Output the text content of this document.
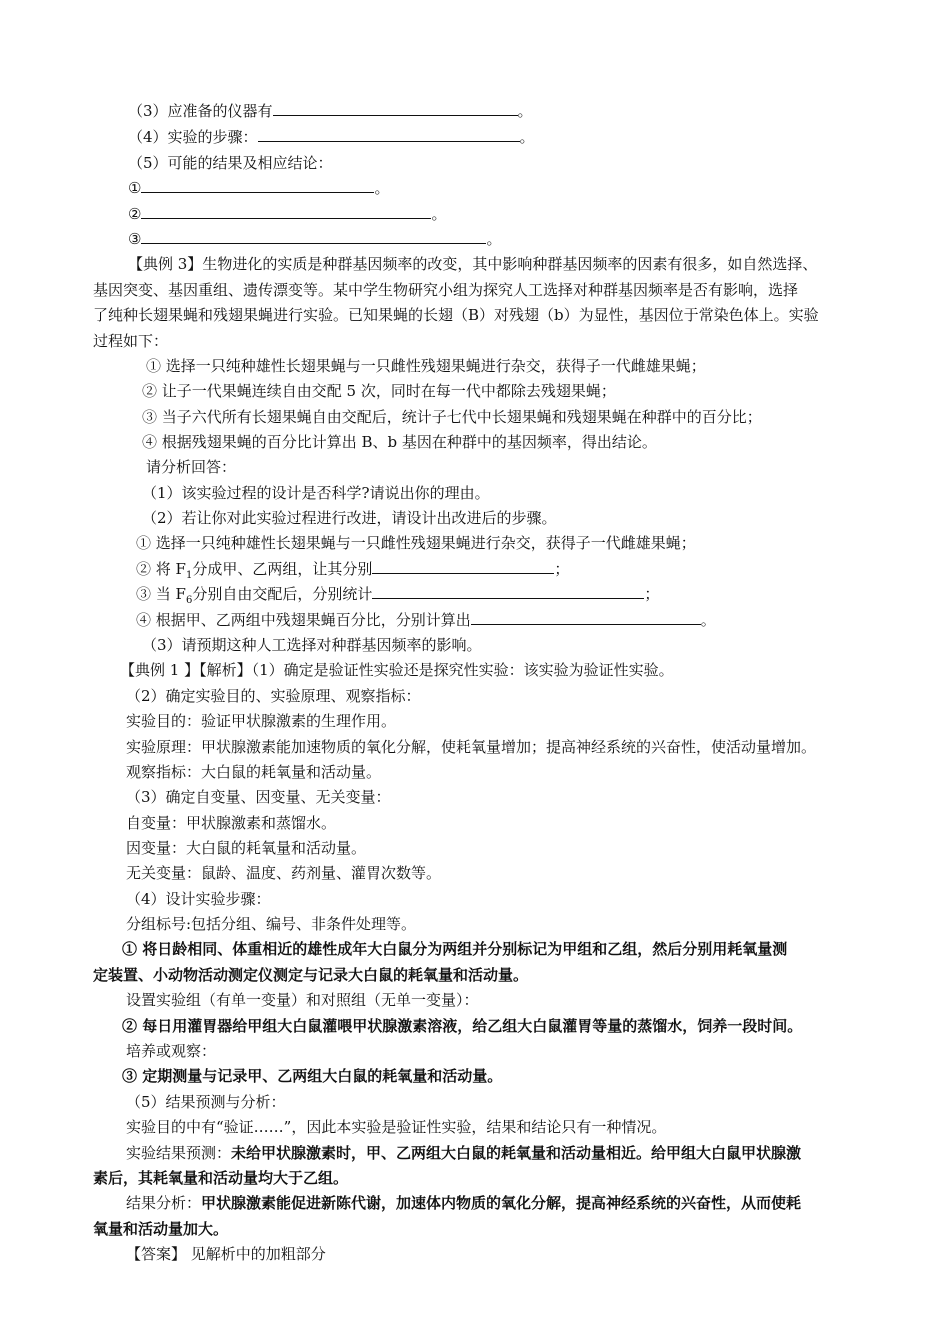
（3）应准备的仪器有	。
（4）实验的步骤：	。
（5）可能的结果及相应结论：
①	。
②	。
③	。
【典例 3】生物进化的实质是种群基因频率的改变，其中影响种群基因频率的因素有很多，如自然选择、
基因突变、基因重组、遗传漂变等。某中学生物研究小组为探究人工选择对种群基因频率是否有影响，选择
了纯种长翅果蝇和残翅果蝇进行实验。已知果蝇的长翅（B）对残翅（b）为显性，基因位于常染色体上。实验
过程如下：
① 选择一只纯种雄性长翅果蝇与一只雌性残翅果蝇进行杂交，获得子一代雌雄果蝇；
② 让子一代果蝇连续自由交配 5 次，同时在每一代中都除去残翅果蝇；
③ 当子六代所有长翅果蝇自由交配后，统计子七代中长翅果蝇和残翅果蝇在种群中的百分比；
④ 根据残翅果蝇的百分比计算出 B、b 基因在种群中的基因频率，得出结论。
请分析回答：
（1）该实验过程的设计是否科学?请说出你的理由。
（2）若让你对此实验过程进行改进，请设计出改进后的步骤。
① 选择一只纯种雄性长翅果蝇与一只雌性残翅果蝇进行杂交，获得子一代雌雄果蝇；
② 将 $F_1$分成甲、乙两组，让其分别	；
③ 当 $F_6$分别自由交配后，分别统计	；
④ 根据甲、乙两组中残翅果蝇百分比，分别计算出	。
（3）请预期这种人工选择对种群基因频率的影响。
【典例 1 】【解析】（1）确定是验证性实验还是探究性实验：该实验为验证性实验。
（2）确定实验目的、实验原理、观察指标：
实验目的：验证甲状腺激素的生理作用。
实验原理：甲状腺激素能加速物质的氧化分解，使耗氧量增加；提高神经系统的兴奋性，使活动量增加。
观察指标：大白鼠的耗氧量和活动量。
（3）确定自变量、因变量、无关变量：
自变量：甲状腺激素和蒸馏水。
因变量：大白鼠的耗氧量和活动量。
无关变量：鼠龄、温度、药剂量、灌胃次数等。
（4）设计实验步骤：
分组标号:包括分组、编号、非条件处理等。
① 将日龄相同、体重相近的雄性成年大白鼠分为两组并分别标记为甲组和乙组，然后分别用耗氧量测
定装置、小动物活动测定仪测定与记录大白鼠的耗氧量和活动量。
设置实验组（有单一变量）和对照组（无单一变量）：
② 每日用灌胃器给甲组大白鼠灌喂甲状腺激素溶液，给乙组大白鼠灌胃等量的蒸馏水，饲养一段时间。
培养或观察：
③ 定期测量与记录甲、乙两组大白鼠的耗氧量和活动量。
（5）结果预测与分析：
实验目的中有“验证……”，因此本实验是验证性实验，结果和结论只有一种情况。
实验结果预测：未给甲状腺激素时，甲、乙两组大白鼠的耗氧量和活动量相近。给甲组大白鼠甲状腺激
素后，其耗氧量和活动量均大于乙组。
结果分析：甲状腺激素能促进新陈代谢，加速体内物质的氧化分解，提高神经系统的兴奋性，从而使耗
氧量和活动量加大。
【答案】 见解析中的加粗部分
